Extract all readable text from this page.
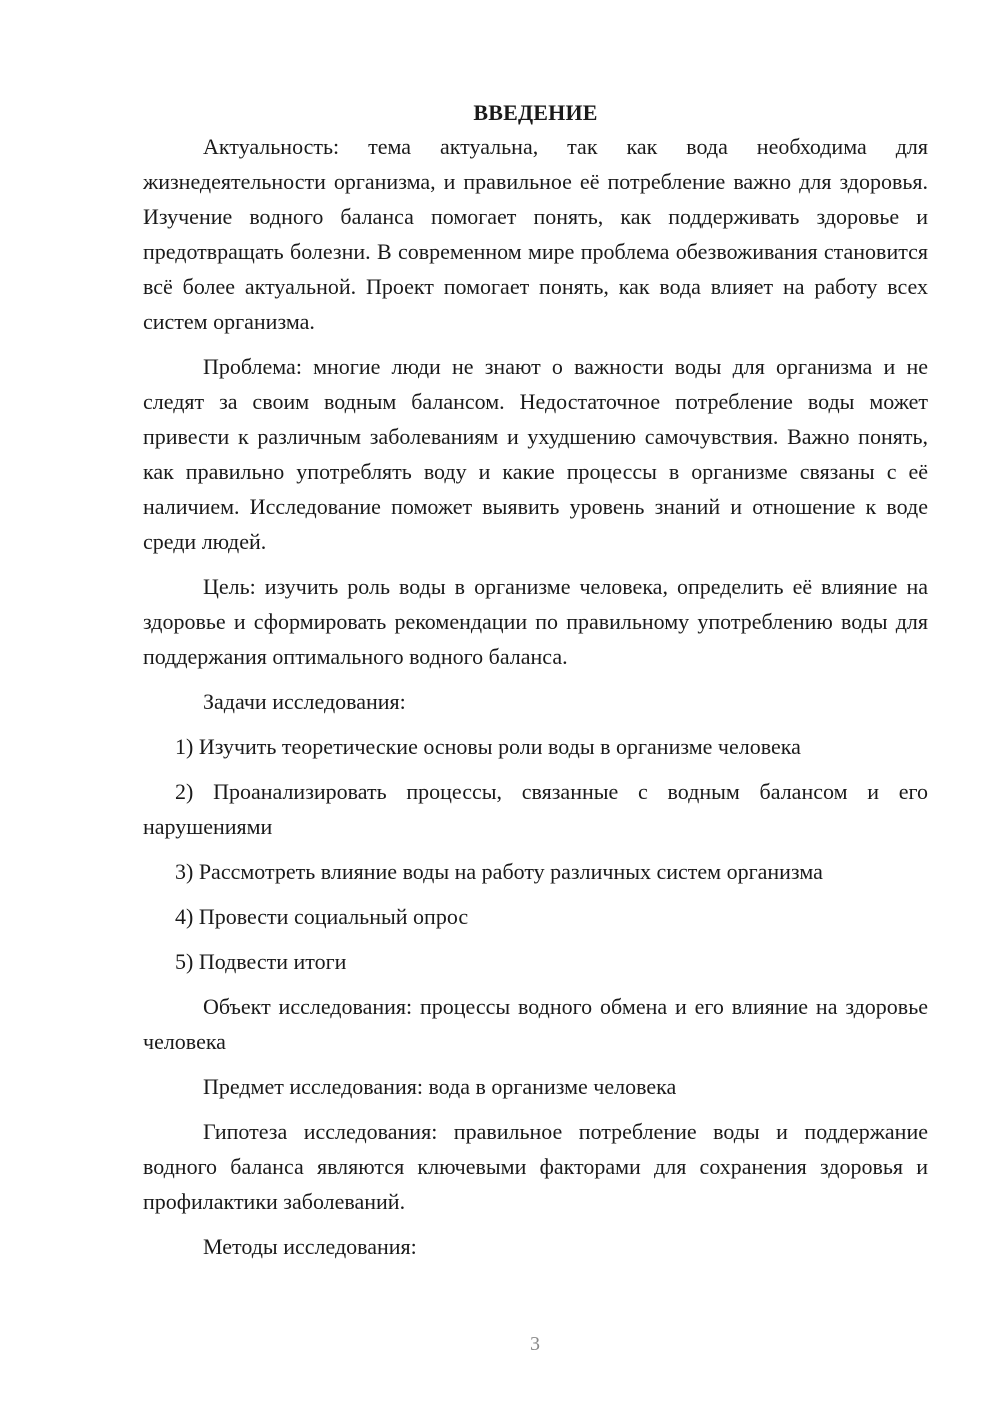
ВВЕДЕНИЕ

Актуальность: тема актуальна, так как вода необходима для жизнедеятельности организма, и правильное её потребление важно для здоровья. Изучение водного баланса помогает понять, как поддерживать здоровье и предотвращать болезни. В современном мире проблема обезвоживания становится всё более актуальной. Проект помогает понять, как вода влияет на работу всех систем организма.

Проблема: многие люди не знают о важности воды для организма и не следят за своим водным балансом. Недостаточное потребление воды может привести к различным заболеваниям и ухудшению самочувствия. Важно понять, как правильно употреблять воду и какие процессы в организме связаны с её наличием. Исследование поможет выявить уровень знаний и отношение к воде среди людей.

Цель: изучить роль воды в организме человека, определить её влияние на здоровье и сформировать рекомендации по правильному употреблению воды для поддержания оптимального водного баланса.

Задачи исследования:

1) Изучить теоретические основы роли воды в организме человека

2) Проанализировать процессы, связанные с водным балансом и его нарушениями

3) Рассмотреть влияние воды на работу различных систем организма

4) Провести социальный опрос

5) Подвести итоги

Объект исследования: процессы водного обмена и его влияние на здоровье человека

Предмет исследования: вода в организме человека

Гипотеза исследования: правильное потребление воды и поддержание водного баланса являются ключевыми факторами для сохранения здоровья и профилактики заболеваний.

Методы исследования:

3
